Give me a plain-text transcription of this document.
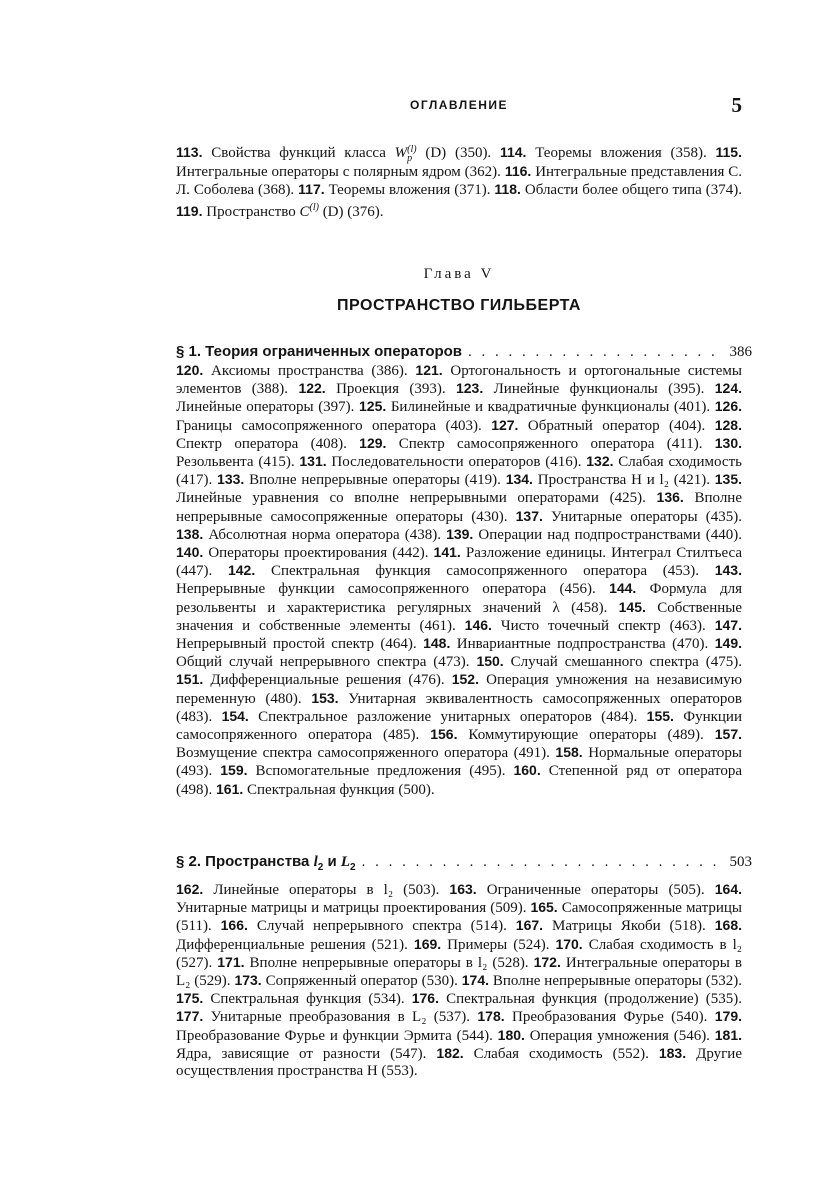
ОГЛАВЛЕНИЕ	5
113. Свойства функций класса W (l)
p (D) (350). 114. Теоремы вложения (358). 115. Интегральные операторы с полярным ядром (362). 116. Интегральные представления С. Л. Соболева (368). 117. Теоремы вложения (371). 118. Области более общего типа (374). 119. Пространство $C^{(l)}$ (D) (376).
Глава V
ПРОСТРАНСТВО ГИЛЬБЕРТА
§ 1. Теория ограниченных операторов . . .	386
120. Аксиомы пространства (386). 121. Ортогональность и ортогональные системы элементов (388). 122. Проекция (393). 123. Линейные функционалы (395). 124. Линейные операторы (397). 125. Билинейные и квадратичные функционалы (401). 126. Границы самосопряженного оператора (403). 127. Обратный оператор (404). 128. Спектр оператора (408). 129. Спектр самосопряженного оператора (411). 130. Резольвента (415). 131. Последовательности операторов (416). 132. Слабая сходимость (417). 133. Вполне непрерывные операторы (419). 134. Пространства H и l₂ (421). 135. Линейные уравнения со вполне непрерывными операторами (425). 136. Вполне непрерывные самосопряженные операторы (430). 137. Унитарные операторы (435). 138. Абсолютная норма оператора (438). 139. Операции над подпространствами (440). 140. Операторы проектирования (442). 141. Разложение единицы. Интеграл Стилтьеса (447). 142. Спектральная функция самосопряженного оператора (453). 143. Непрерывные функции самосопряженного оператора (456). 144. Формула для резольвенты и характеристика регулярных значений λ (458). 145. Собственные значения и собственные элементы (461). 146. Чисто точечный спектр (463). 147. Непрерывный простой спектр (464). 148. Инвариантные подпространства (470). 149. Общий случай непрерывного спектра (473). 150. Случай смешанного спектра (475). 151. Дифференциальные решения (476). 152. Операция умножения на независимую переменную (480). 153. Унитарная эквивалентность самосопряженных операторов (483). 154. Спектральное разложение унитарных операторов (484). 155. Функции самосопряженного оператора (485). 156. Коммутирующие операторы (489). 157. Возмущение спектра самосопряженного оператора (491). 158. Нормальные операторы (493). 159. Вспомогательные предложения (495). 160. Степенной ряд от оператора (498). 161. Спектральная функция (500).
§ 2. Пространства $l_2$ и $L_2$ . . .	503
162. Линейные операторы в l₂ (503). 163. Ограниченные операторы (505). 164. Унитарные матрицы и матрицы проектирования (509). 165. Самосопряженные матрицы (511). 166. Случай непрерывного спектра (514). 167. Матрицы Якоби (518). 168. Дифференциальные решения (521). 169. Примеры (524). 170. Слабая сходимость в l₂ (527). 171. Вполне непрерывные операторы в l₂ (528). 172. Интегральные операторы в L₂ (529). 173. Сопряженный оператор (530). 174. Вполне непрерывные операторы (532). 175. Спектральная функция (534). 176. Спектральная функция (продолжение) (535). 177. Унитарные преобразования в L₂ (537). 178. Преобразования Фурье (540). 179. Преобразование Фурье и функции Эрмита (544). 180. Операция умножения (546). 181. Ядра, зависящие от разности (547). 182. Слабая сходимость (552). 183. Другие осуществления пространства H (553).
